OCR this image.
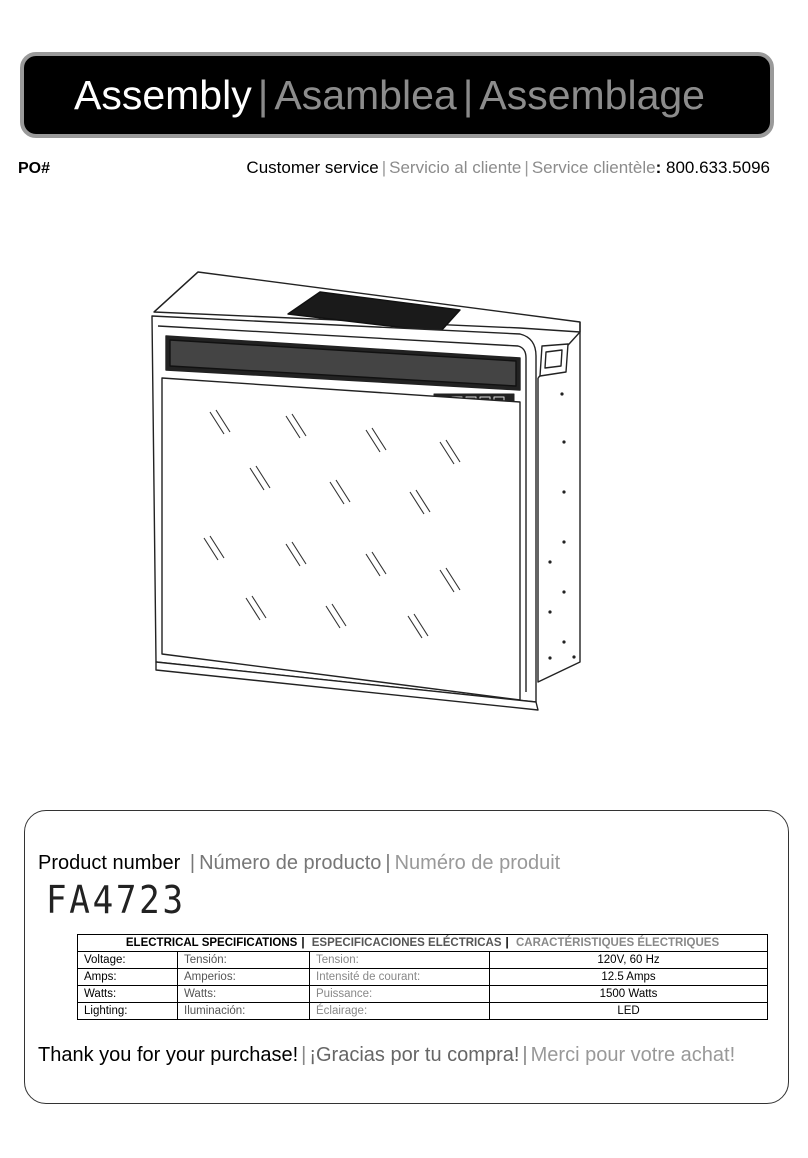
Assembly | Asamblea | Assemblage
PO#	Customer service | Servicio al cliente | Service clientèle: 800.633.5096
Product number | Número de producto | Numéro de produit
FA4723
ELECTRICAL SPECIFICATIONS | ESPECIFICACIONES ELÉCTRICAS | CARACTÉRISTIQUES ÉLECTRIQUES			
Voltage:	Tensión:	Tension:	120V, 60 Hz
Amps:	Amperios:	Intensité de courant:	12.5 Amps
Watts:	Watts:	Puissance:	1500 Watts
Lighting:	Iluminación:	Éclairage:	LED
Thank you for your purchase! | ¡Gracias por tu compra! | Merci pour votre achat!
